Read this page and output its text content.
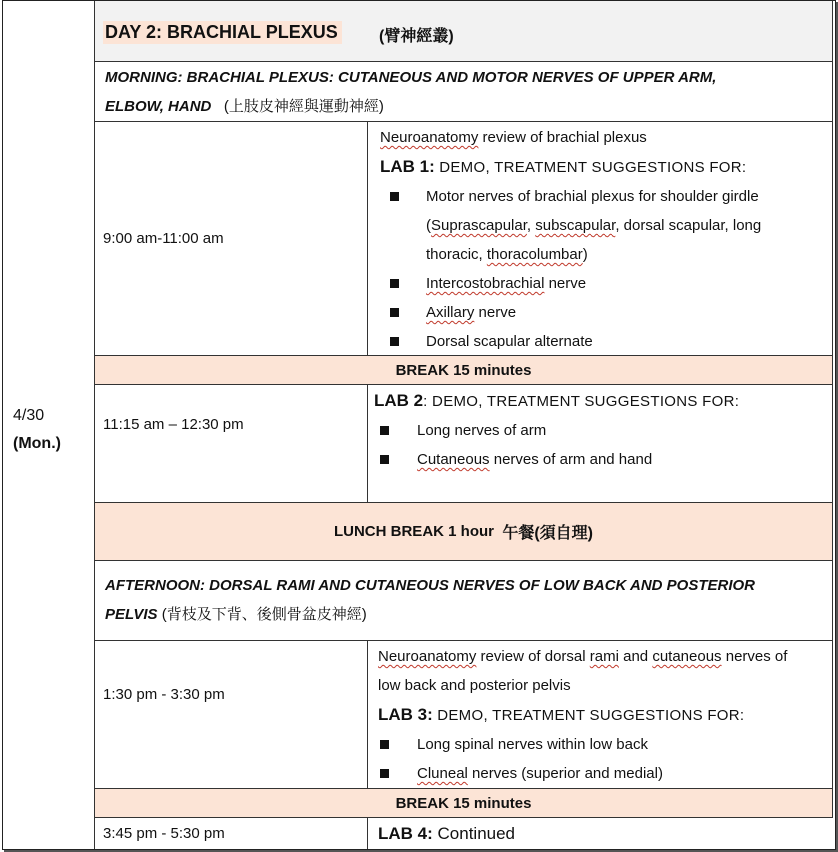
4/30
(Mon.)
DAY 2: BRACHIAL PLEXUS	(臂神經叢)
MORNING: BRACHIAL PLEXUS: CUTANEOUS AND MOTOR NERVES OF UPPER ARM,
ELBOW, HAND (上肢皮神經與運動神經)
9:00 am-11:00 am
Neuroanatomy review of brachial plexus
LAB 1: DEMO, TREATMENT SUGGESTIONS FOR:
Motor nerves of brachial plexus for shoulder girdle
(Suprascapular, subscapular, dorsal scapular, long
thoracic, thoracolumbar)
Intercostobrachial nerve
Axillary nerve
Dorsal scapular alternate
BREAK 15 minutes
11:15 am – 12:30 pm
LAB 2: DEMO, TREATMENT SUGGESTIONS FOR:
Long nerves of arm
Cutaneous nerves of arm and hand
LUNCH BREAK 1 hour
午餐(須自理)
AFTERNOON: DORSAL RAMI AND CUTANEOUS NERVES OF LOW BACK AND POSTERIOR
PELVIS (背枝及下背、後側骨盆皮神經)
1:30 pm - 3:30 pm
Neuroanatomy review of dorsal rami and cutaneous nerves of
low back and posterior pelvis
LAB 3: DEMO, TREATMENT SUGGESTIONS FOR:
Long spinal nerves within low back
Cluneal nerves (superior and medial)
BREAK 15 minutes
3:45 pm - 5:30 pm	LAB 4: Continued
